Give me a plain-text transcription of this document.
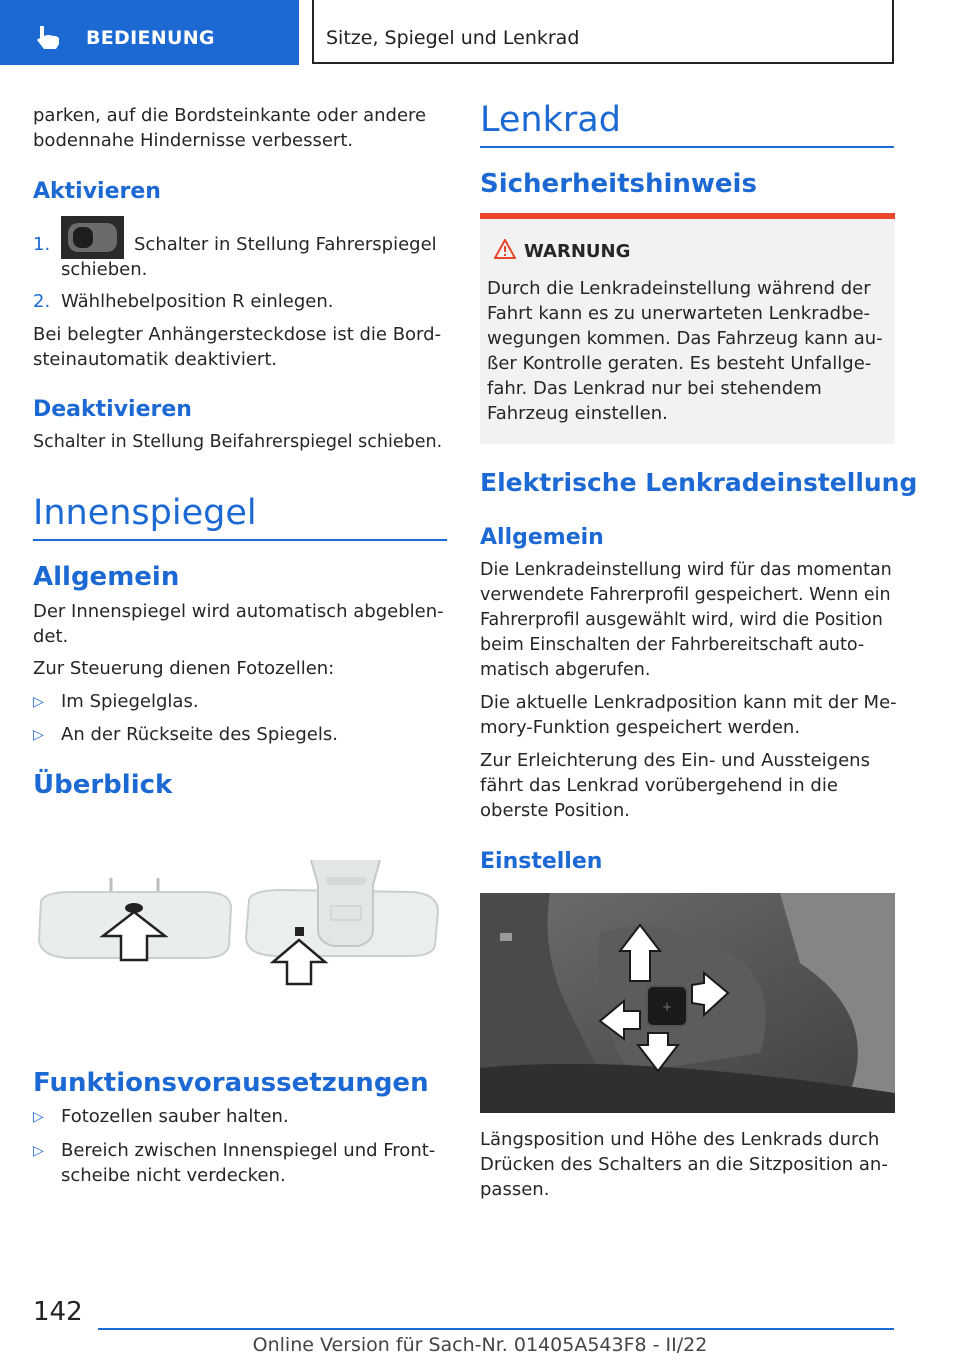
BEDIENUNG	Sitze, Spiegel und Lenkrad

parken, auf die Bordsteinkante oder andere

bodennahe Hindernisse verbessert.

Aktivieren
1.	Schalter in Stellung Fahrerspiegel
schieben.
2. Wählhebelposition R einlegen.

Bei belegter Anhängersteckdose ist die Bord-

steinautomatik deaktiviert.

Deaktivieren

Schalter in Stellung Beifahrerspiegel schieben.

Innenspiegel
Allgemein

Der Innenspiegel wird automatisch abgeblen-

det.

Zur Steuerung dienen Fotozellen:

▷ Im Spiegelglas.
▷ An der Rückseite des Spiegels.
Überblick
Funktionsvoraussetzungen
▷ Fotozellen sauber halten.
▷ Bereich zwischen Innenspiegel und Front-

scheibe nicht verdecken.

Lenkrad
Sicherheitshinweis
WARNUNG

Durch die Lenkradeinstellung während der

Fahrt kann es zu unerwarteten Lenkradbe-

wegungen kommen. Das Fahrzeug kann au-

ßer Kontrolle geraten. Es besteht Unfallge-

fahr. Das Lenkrad nur bei stehendem

Fahrzeug einstellen.

Elektrische Lenkradeinstellung
Allgemein

Die Lenkradeinstellung wird für das momentan

verwendete Fahrerprofil gespeichert. Wenn ein

Fahrerprofil ausgewählt wird, wird die Position

beim Einschalten der Fahrbereitschaft auto-

matisch abgerufen.

Die aktuelle Lenkradposition kann mit der Me-

mory-Funktion gespeichert werden.

Zur Erleichterung des Ein- und Aussteigens

fährt das Lenkrad vorübergehend in die

oberste Position.

Einstellen
+

Längsposition und Höhe des Lenkrads durch

Drücken des Schalters an die Sitzposition an-

passen.

142
Online Version für Sach-Nr. 01405A543F8 - II/22
